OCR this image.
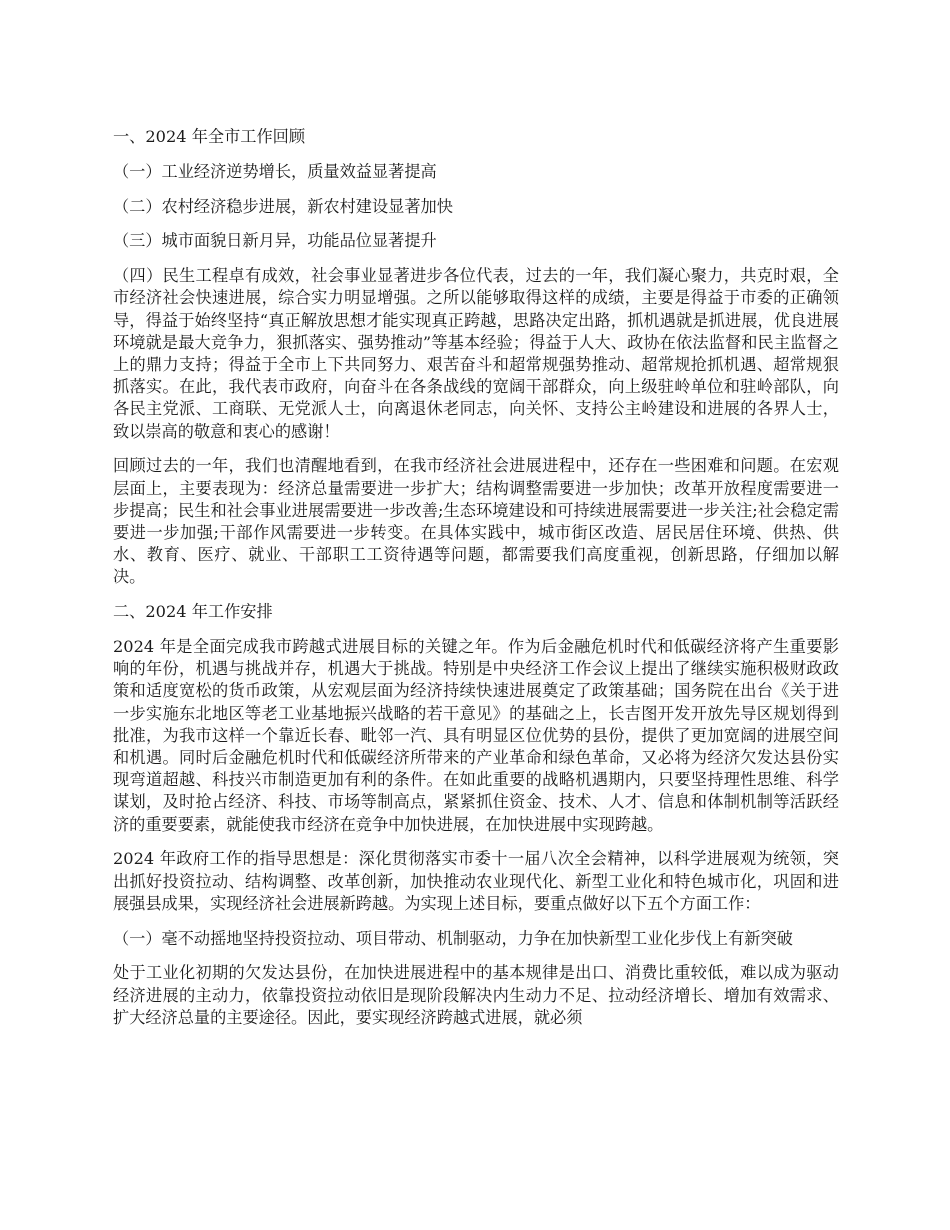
一、2024 年全市工作回顾

（一）工业经济逆势增长，质量效益显著提高

（二）农村经济稳步进展，新农村建设显著加快

（三）城市面貌日新月异，功能品位显著提升

（四）民生工程卓有成效，社会事业显著进步各位代表，过去的一年，我们凝心聚力，共克时艰，全市经济社会快速进展，综合实力明显增强。之所以能够取得这样的成绩，主要是得益于市委的正确领导，得益于始终坚持“真正解放思想才能实现真正跨越，思路决定出路，抓机遇就是抓进展，优良进展环境就是最大竞争力，狠抓落实、强势推动”等基本经验；得益于人大、政协在依法监督和民主监督之上的鼎力支持；得益于全市上下共同努力、艰苦奋斗和超常规强势推动、超常规抢抓机遇、超常规狠抓落实。在此，我代表市政府，向奋斗在各条战线的宽阔干部群众，向上级驻岭单位和驻岭部队，向各民主党派、工商联、无党派人士，向离退休老同志，向关怀、支持公主岭建设和进展的各界人士，致以崇高的敬意和衷心的感谢！

回顾过去的一年，我们也清醒地看到，在我市经济社会进展进程中，还存在一些困难和问题。在宏观层面上，主要表现为：经济总量需要进一步扩大；结构调整需要进一步加快；改革开放程度需要进一步提高；民生和社会事业进展需要进一步改善;生态环境建设和可持续进展需要进一步关注;社会稳定需要进一步加强;干部作风需要进一步转变。在具体实践中，城市街区改造、居民居住环境、供热、供水、教育、医疗、就业、干部职工工资待遇等问题，都需要我们高度重视，创新思路，仔细加以解决。

二、2024 年工作安排

2024 年是全面完成我市跨越式进展目标的关键之年。作为后金融危机时代和低碳经济将产生重要影响的年份，机遇与挑战并存，机遇大于挑战。特别是中央经济工作会议上提出了继续实施积极财政政策和适度宽松的货币政策，从宏观层面为经济持续快速进展奠定了政策基础；国务院在出台《关于进一步实施东北地区等老工业基地振兴战略的若干意见》的基础之上，长吉图开发开放先导区规划得到批准，为我市这样一个靠近长春、毗邻一汽、具有明显区位优势的县份，提供了更加宽阔的进展空间和机遇。同时后金融危机时代和低碳经济所带来的产业革命和绿色革命，又必将为经济欠发达县份实现弯道超越、科技兴市制造更加有利的条件。在如此重要的战略机遇期内，只要坚持理性思维、科学谋划，及时抢占经济、科技、市场等制高点，紧紧抓住资金、技术、人才、信息和体制机制等活跃经济的重要要素，就能使我市经济在竞争中加快进展，在加快进展中实现跨越。

2024 年政府工作的指导思想是：深化贯彻落实市委十一届八次全会精神，以科学进展观为统领，突出抓好投资拉动、结构调整、改革创新，加快推动农业现代化、新型工业化和特色城市化，巩固和进展强县成果，实现经济社会进展新跨越。为实现上述目标，要重点做好以下五个方面工作：

（一）毫不动摇地坚持投资拉动、项目带动、机制驱动，力争在加快新型工业化步伐上有新突破

处于工业化初期的欠发达县份，在加快进展进程中的基本规律是出口、消费比重较低，难以成为驱动经济进展的主动力，依靠投资拉动依旧是现阶段解决内生动力不足、拉动经济增长、增加有效需求、扩大经济总量的主要途径。因此，要实现经济跨越式进展，就必须
